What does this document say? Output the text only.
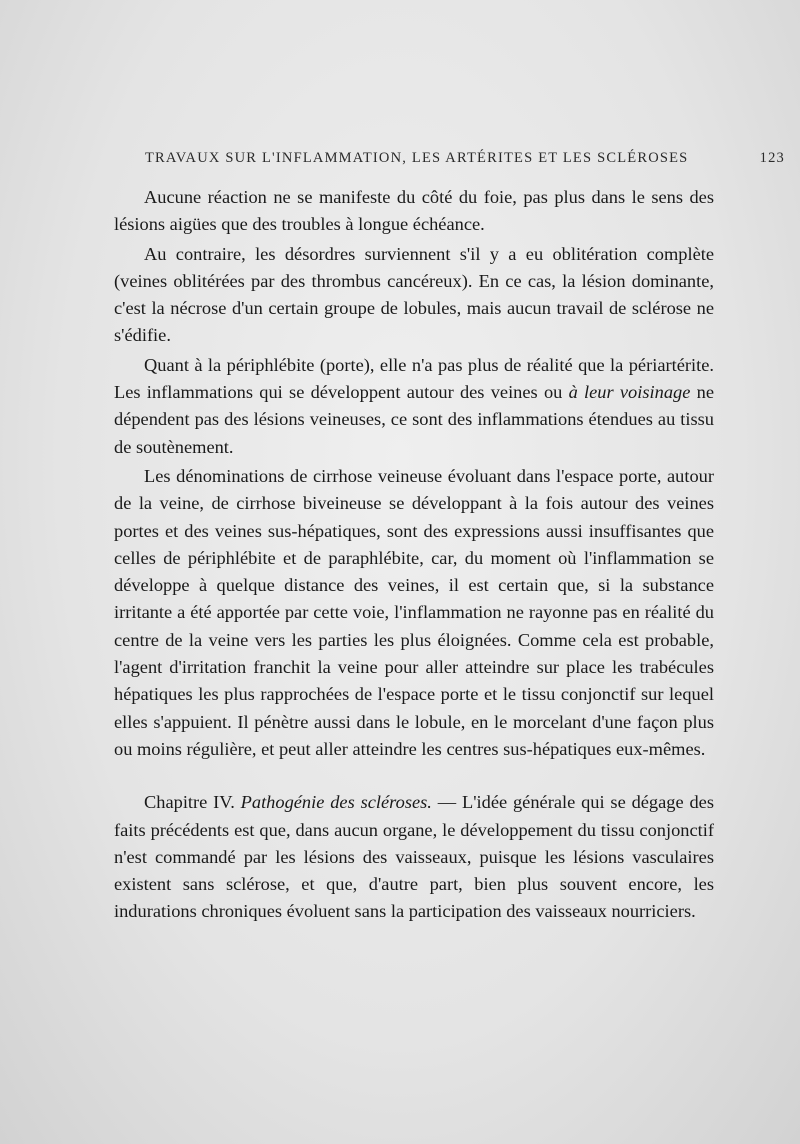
TRAVAUX SUR L'INFLAMMATION, LES ARTÉRITES ET LES SCLÉROSES	123

Aucune réaction ne se manifeste du côté du foie, pas plus dans le sens des lésions aigües que des troubles à longue échéance.

Au contraire, les désordres surviennent s'il y a eu oblitération complète (veines oblitérées par des thrombus cancéreux). En ce cas, la lésion dominante, c'est la nécrose d'un certain groupe de lobules, mais aucun travail de sclérose ne s'édifie.

Quant à la périphlébite (porte), elle n'a pas plus de réalité que la périartérite. Les inflammations qui se développent autour des veines ou à leur voisinage ne dépendent pas des lésions veineuses, ce sont des inflammations étendues au tissu de soutènement.

Les dénominations de cirrhose veineuse évoluant dans l'espace porte, autour de la veine, de cirrhose biveineuse se développant à la fois autour des veines portes et des veines sus-hépatiques, sont des expressions aussi insuffisantes que celles de périphlébite et de paraphlébite, car, du moment où l'inflammation se développe à quelque distance des veines, il est certain que, si la substance irritante a été apportée par cette voie, l'inflammation ne rayonne pas en réalité du centre de la veine vers les parties les plus éloignées. Comme cela est probable, l'agent d'irritation franchit la veine pour aller atteindre sur place les trabécules hépatiques les plus rapprochées de l'espace porte et le tissu conjonctif sur lequel elles s'appuient. Il pénètre aussi dans le lobule, en le morcelant d'une façon plus ou moins régulière, et peut aller atteindre les centres sus-hépatiques eux-mêmes.

Chapitre IV. Pathogénie des scléroses. — L'idée générale qui se dégage des faits précédents est que, dans aucun organe, le développement du tissu conjonctif n'est commandé par les lésions des vaisseaux, puisque les lésions vasculaires existent sans sclérose, et que, d'autre part, bien plus souvent encore, les indurations chroniques évoluent sans la participation des vaisseaux nourriciers.
